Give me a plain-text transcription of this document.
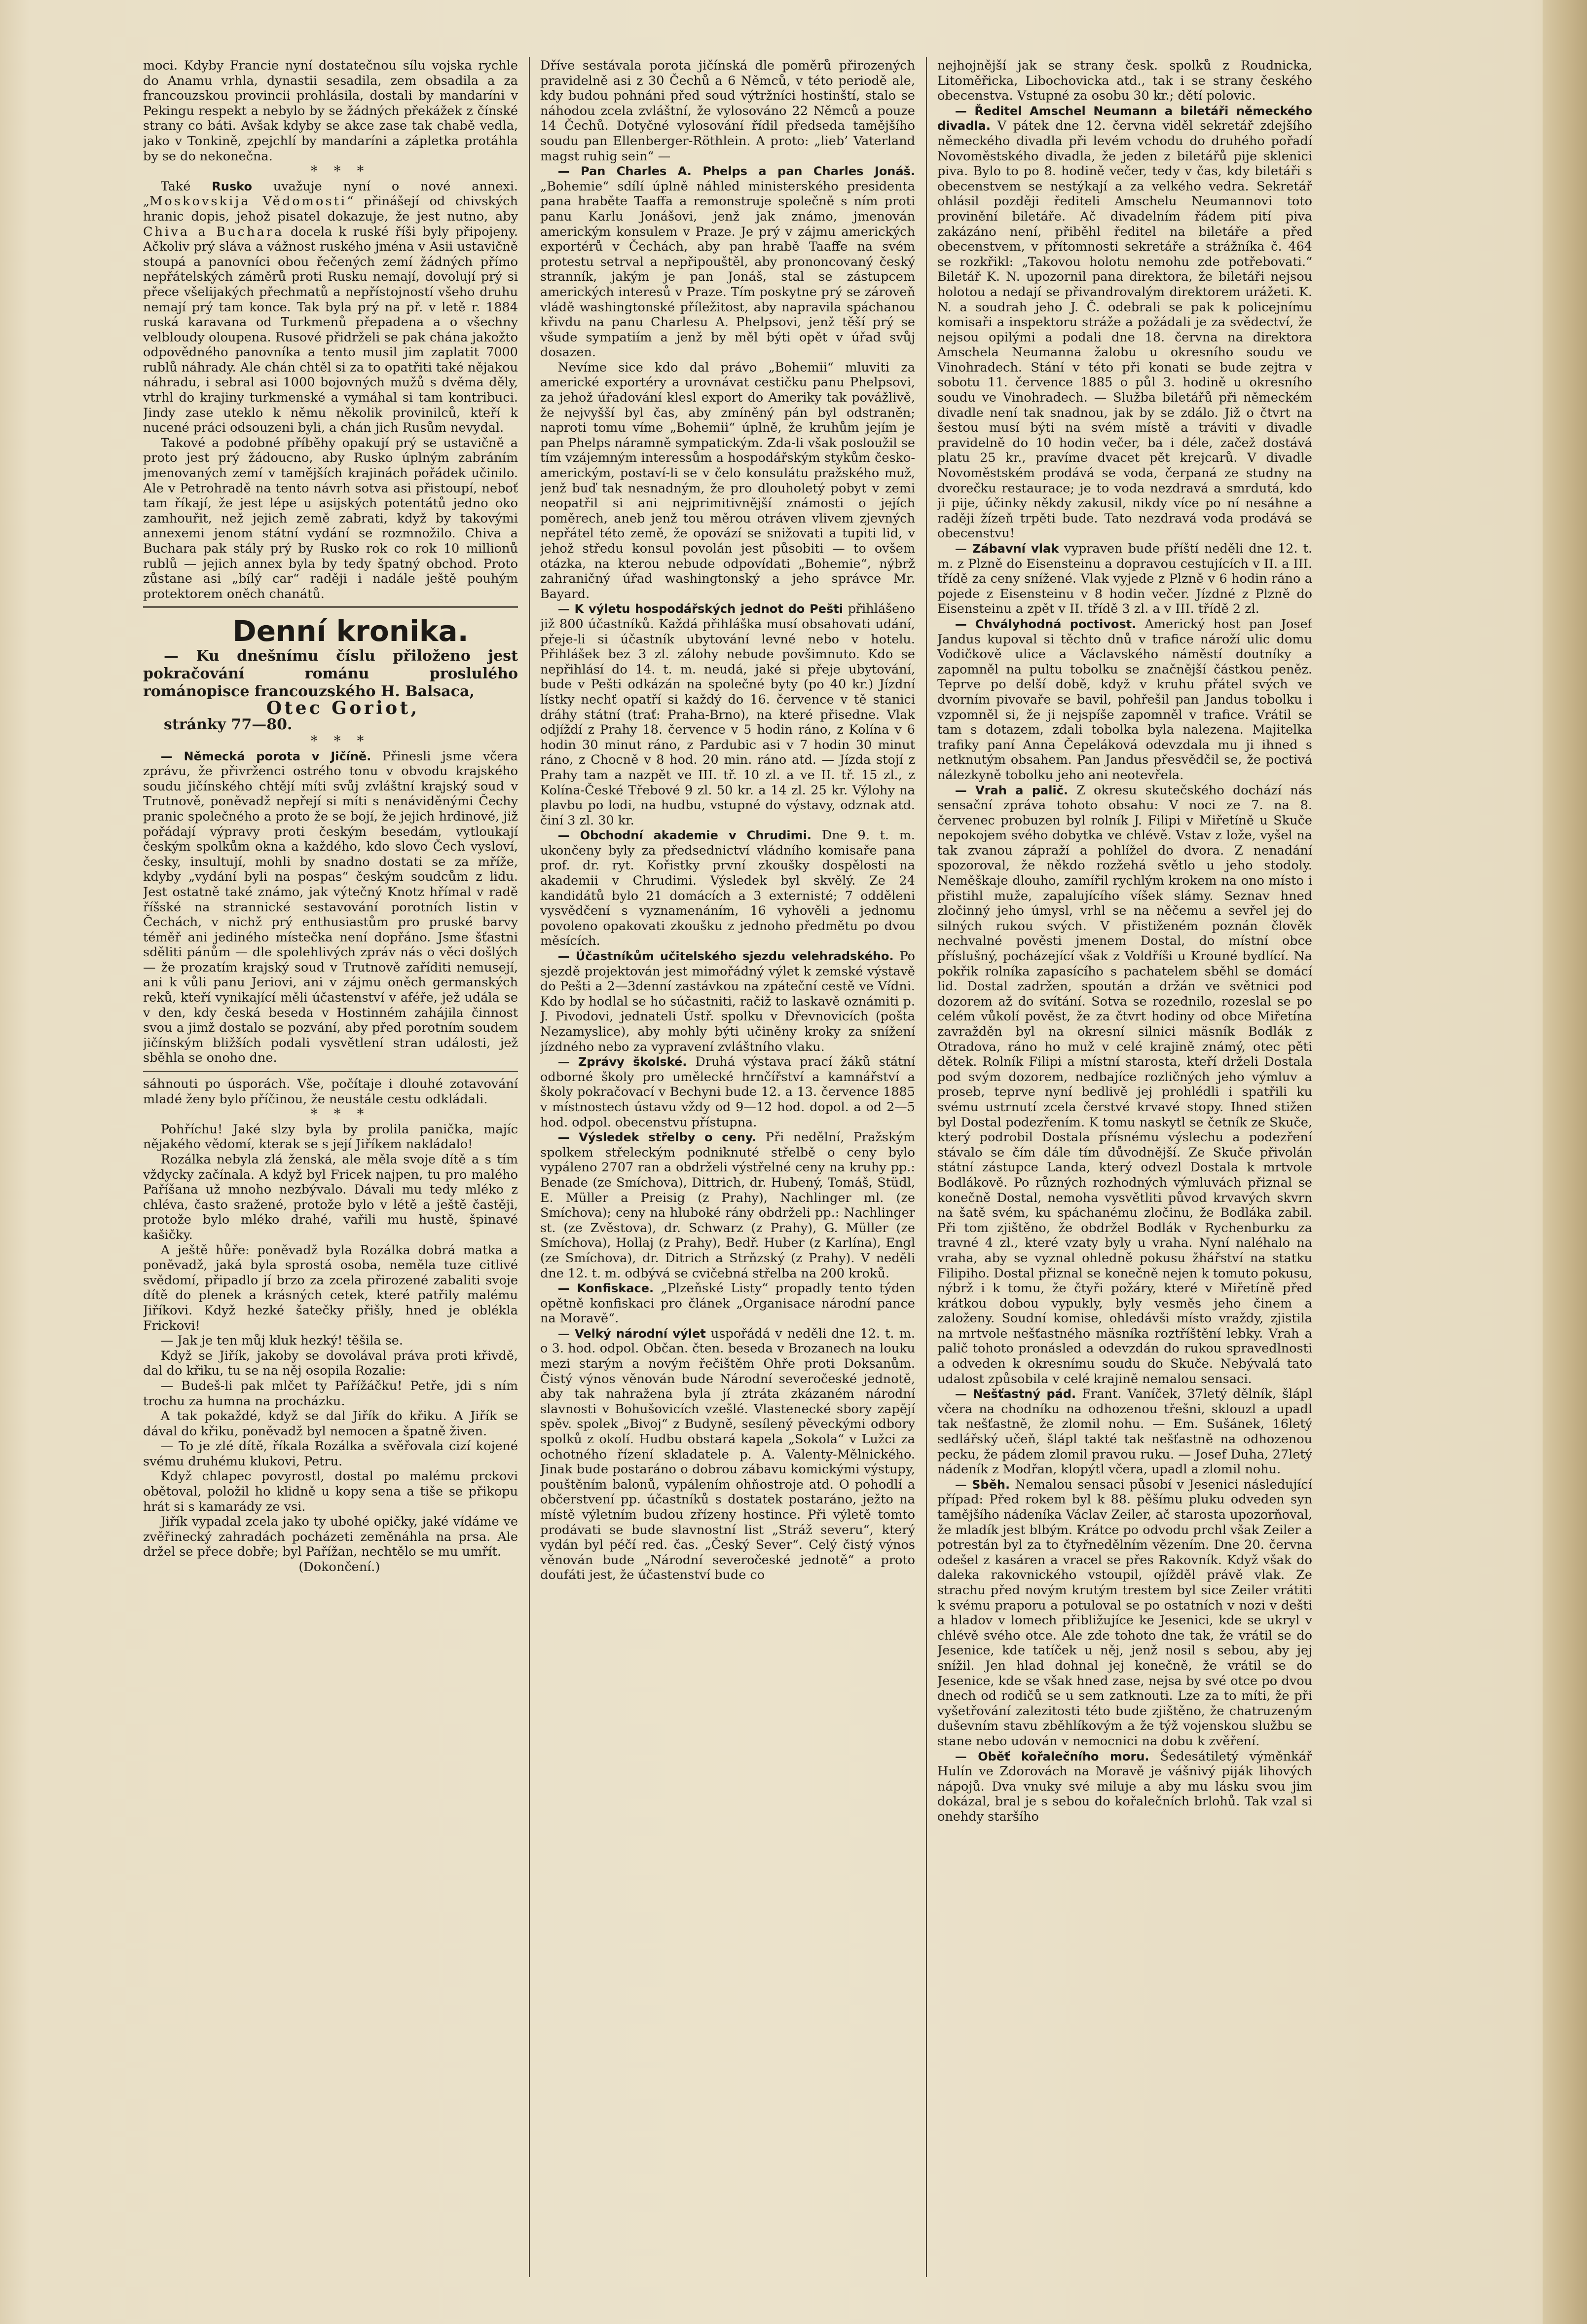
moci. Kdyby Francie nyní dostatečnou sílu vojska rychle do Anamu vrhla, dynastii sesadila, zem obsadila a za francouzskou provincii prohlásila, dostali by mandaríni v Pekingu respekt a nebylo by se žádných překážek z čínské strany co báti. Avšak kdyby se akce zase tak chabě vedla, jako v Tonkině, zpejchlí by mandaríni a zápletka protáhla by se do nekonečna.

* * *

Také Rusko uvažuje nyní o nové annexi. „Moskovskija Vědomosti“ přinášejí od chivských hranic dopis, jehož pisatel dokazuje, že jest nutno, aby Chiva a Buchara docela k ruské říši byly připojeny. Ačkoliv prý sláva a vážnost ruského jména v Asii ustavičně stoupá a panovníci obou řečených zemí žádných přímo nepřátelských záměrů proti Rusku nemají, dovolují prý si přece všelijakých přechmatů a nepřístojností všeho druhu nemají prý tam konce. Tak byla prý na př. v letě r. 1884 ruská karavana od Turkmenů přepadena a o všechny velbloudy oloupena. Rusové přidrželi se pak chána jakožto odpovědného panovníka a tento musil jim zaplatit 7000 rublů náhrady. Ale chán chtěl si za to opatřiti také nějakou náhradu, i sebral asi 1000 bojovných mužů s dvěma děly, vtrhl do krajiny turkmenské a vymáhal si tam kontribuci. Jindy zase uteklo k němu několik provinilců, kteří k nucené práci odsouzeni byli, a chán jich Rusům nevydal.

Takové a podobné příběhy opakují prý se ustavičně a proto jest prý žádoucno, aby Rusko úplným zabráním jmenovaných zemí v tamějších krajinách pořádek učinilo. Ale v Petrohradě na tento návrh sotva asi přistoupí, neboť tam říkají, že jest lépe u asijských potentátů jedno oko zamhouřit, než jejich země zabrati, když by takovými annexemi jenom státní vydání se rozmnožilo. Chiva a Buchara pak stály prý by Rusko rok co rok 10 millionů rublů — jejich annex byla by tedy špatný obchod. Proto zůstane asi „bílý car“ raději i nadále ještě pouhým protektorem oněch chanátů.

Denní kronika.

— Ku dnešnímu číslu přiloženo jest pokračování románu proslulého románopisce francouzského H. Balsaca,

Otec Goriot,

stránky 77—80.

* * *

— Německá porota v Jičíně. Přinesli jsme včera zprávu, že přivrženci ostrého tonu v obvodu krajského soudu jičínského chtějí míti svůj zvláštní krajský soud v Trutnově, poněvadž nepřejí si míti s nenáviděnými Čechy pranic společného a proto že se bojí, že jejich hrdinové, již pořádají výpravy proti českým besedám, vytloukají českým spolkům okna a každého, kdo slovo Čech vysloví, česky, insultují, mohli by snadno dostati se za mříže, kdyby „vydání byli na pospas“ českým soudcům z lidu. Jest ostatně také známo, jak výtečný Knotz hřímal v radě říšské na strannické sestavování porotních listin v Čechách, v nichž prý enthusiastům pro pruské barvy téměř ani jediného místečka není dopřáno. Jsme šťastni sděliti pánům — dle spolehlivých zpráv nás o věci došlých — že prozatím krajský soud v Trutnově zaříditi nemusejí, ani k vůli panu Jeriovi, ani v zájmu oněch germanských reků, kteří vynikající měli účastenství v aféře, jež udála se v den, kdy česká beseda v Hostinném zahájila činnost svou a jimž dostalo se pozvání, aby před porotním soudem jičínským bližších podali vysvětlení stran události, jež sběhla se onoho dne.

sáhnouti po úsporách. Vše, počítaje i dlouhé zotavování mladé ženy bylo příčinou, že neustále cestu odkládali.

* * *

Pohříchu! Jaké slzy byla by prolila panička, majíc nějakého vědomí, kterak se s její Jiříkem nakládalo!

Rozálka nebyla zlá ženská, ale měla svoje dítě a s tím vždycky začínala. A když byl Fricek najpen, tu pro malého Paříšana už mnoho nezbývalo. Dávali mu tedy mléko z chléva, často sražené, protože bylo v létě a ještě častěji, protože bylo mléko drahé, vařili mu hustě, špinavé kašičky.

A ještě hůře: poněvadž byla Rozálka dobrá matka a poněvadž, jaká byla sprostá osoba, neměla tuze citlivé svědomí, připadlo jí brzo za zcela přirozené zabaliti svoje dítě do plenek a krásných cetek, které patřily malému Jiříkovi. Když hezké šatečky přišly, hned je oblékla Frickovi!

— Jak je ten můj kluk hezký! těšila se.

Když se Jiřík, jakoby se dovolával práva proti křivdě, dal do křiku, tu se na něj osopila Rozalie:

— Budeš-li pak mlčet ty Pařížáčku! Petře, jdi s ním trochu za humna na procházku.

A tak pokaždé, když se dal Jiřík do křiku. A Jiřík se dával do křiku, poněvadž byl nemocen a špatně živen.

— To je zlé dítě, říkala Rozálka a svěřovala cizí kojené svému druhému klukovi, Petru.

Když chlapec povyrostl, dostal po malému prckovi obětoval, položil ho klidně u kopy sena a tiše se přikopu hrát si s kamarády ze vsi.

Jiřík vypadal zcela jako ty ubohé opičky, jaké vídáme ve zvěřinecký zahradách pocházeti zeměnáhla na prsa. Ale držel se přece dobře; byl Pařížan, nechtělo se mu umřít.

(Dokončení.)

Dříve sestávala porota jičínská dle poměrů přirozených pravidelně asi z 30 Čechů a 6 Němců, v této periodě ale, kdy budou pohnáni před soud výtržníci hostinští, stalo se náhodou zcela zvláštní, že vylosováno 22 Němců a pouze 14 Čechů. Dotyčné vylosování řídil předseda tamějšího soudu pan Ellenberger-Röthlein. A proto: „lieb’ Vaterland magst ruhig sein“ —

— Pan Charles A. Phelps a pan Charles Jonáš. „Bohemie“ sdílí úplně náhled ministerského presidenta pana hraběte Taaffa a remonstruje společně s ním proti panu Karlu Jonášovi, jenž jak známo, jmenován americkým konsulem v Praze. Je prý v zájmu amerických exportérů v Čechách, aby pan hrabě Taaffe na svém protestu setrval a nepřipouštěl, aby prononcovaný český stranník, jakým je pan Jonáš, stal se zástupcem amerických interesů v Praze. Tím poskytne prý se zároveň vládě washingtonské příležitost, aby napravila spáchanou křivdu na panu Charlesu A. Phelpsovi, jenž těší prý se všude sympatiím a jenž by měl býti opět v úřad svůj dosazen.

Nevíme sice kdo dal právo „Bohemii“ mluviti za americké exportéry a urovnávat cestičku panu Phelpsovi, za jehož úřadování klesl export do Ameriky tak povážlivě, že nejvyšší byl čas, aby zmíněný pán byl odstraněn; naproti tomu víme „Bohemii“ úplně, že kruhům jejím je pan Phelps náramně sympatickým. Zda-li však posloužil se tím vzájemným interessům a hospodářským stykům česko-americkým, postaví-li se v čelo konsulátu pražského muž, jenž buď tak nesnadným, že pro dlouholetý pobyt v zemi neopatřil si ani nejprimitivnější známosti o jejích poměrech, aneb jenž tou měrou otráven vlivem zjevných nepřátel této země, že opovází se snižovati a tupiti lid, v jehož středu konsul povolán jest působiti — to ovšem otázka, na kterou nebude odpovídati „Bohemie“, nýbrž zahraničný úřad washingtonský a jeho správce Mr. Bayard.

— K výletu hospodářských jednot do Pešti přihlášeno již 800 účastníků. Každá přihláška musí obsahovati udání, přeje-li si účastník ubytování levné nebo v hotelu. Přihlášek bez 3 zl. zálohy nebude povšimnuto. Kdo se nepřihlásí do 14. t. m. neudá, jaké si přeje ubytování, bude v Pešti odkázán na společné byty (po 40 kr.) Jízdní lístky nechť opatří si každý do 16. července v tě stanici dráhy státní (trať: Praha-Brno), na které přisedne. Vlak odjíždí z Prahy 18. července v 5 hodin ráno, z Kolína v 6 hodin 30 minut ráno, z Pardubic asi v 7 hodin 30 minut ráno, z Chocně v 8 hod. 20 min. ráno atd. — Jízda stojí z Prahy tam a nazpět ve III. tř. 10 zl. a ve II. tř. 15 zl., z Kolína-České Třebové 9 zl. 50 kr. a 14 zl. 25 kr. Výlohy na plavbu po lodi, na hudbu, vstupné do výstavy, odznak atd. činí 3 zl. 30 kr.

— Obchodní akademie v Chrudimi. Dne 9. t. m. ukončeny byly za předsednictví vládního komisaře pana prof. dr. ryt. Kořistky první zkoušky dospělosti na akademii v Chrudimi. Výsledek byl skvělý. Ze 24 kandidátů bylo 21 domácích a 3 externisté; 7 odděleni vysvědčení s vyznamenáním, 16 vyhověli a jednomu povoleno opakovati zkoušku z jednoho předmětu po dvou měsících.

— Účastníkům učitelského sjezdu velehradského. Po sjezdě projektován jest mimořádný výlet k zemské výstavě do Pešti a 2—3denní zastávkou na zpáteční cestě ve Vídni. Kdo by hodlal se ho súčastniti, račiž to laskavě oznámiti p. J. Pivodovi, jednateli Ústř. spolku v Dřevnovicích (pošta Nezamyslice), aby mohly býti učiněny kroky za snížení jízdného nebo za vypravení zvláštního vlaku.

— Zprávy školské. Druhá výstava prací žáků státní odborné školy pro umělecké hrnčířství a kamnářství a školy pokračovací v Bechyni bude 12. a 13. července 1885 v místnostech ústavu vždy od 9—12 hod. dopol. a od 2—5 hod. odpol. obecenstvu přístupna.

— Výsledek střelby o ceny. Při nedělní, Pražským spolkem střeleckým podniknuté střelbě o ceny bylo vypáleno 2707 ran a obdrželi výstřelné ceny na kruhy pp.: Benade (ze Smíchova), Dittrich, dr. Hubený, Tomáš, Stüdl, E. Müller a Preisig (z Prahy), Nachlinger ml. (ze Smíchova); ceny na hluboké rány obdrželi pp.: Nachlinger st. (ze Zvěstova), dr. Schwarz (z Prahy), G. Müller (ze Smíchova), Hollaj (z Prahy), Bedř. Huber (z Karlína), Engl (ze Smíchova), dr. Ditrich a Strňzský (z Prahy). V neděli dne 12. t. m. odbývá se cvičebná střelba na 200 kroků.

— Konfiskace. „Plzeňské Listy“ propadly tento týden opětně konfiskaci pro článek „Organisace národní pance na Moravě“.

— Velký národní výlet uspořádá v neděli dne 12. t. m. o 3. hod. odpol. Občan. čten. beseda v Brozanech na louku mezi starým a novým řečištěm Ohře proti Doksanům. Čistý výnos věnován bude Národní severočeské jednotě, aby tak nahražena byla jí ztráta zkázaném národní slavnosti v Bohušovicích vzešlé. Vlastenecké sbory zapějí spěv. spolek „Bivoj“ z Budyně, sesílený pěveckými odbory spolků z okolí. Hudbu obstará kapela „Sokola“ v Lužci za ochotného řízení skladatele p. A. Valenty-Mělnického. Jinak bude postaráno o dobrou zábavu komickými výstupy, pouštěním balonů, vypálením ohňostroje atd. O pohodlí a občerstvení pp. účastníků s dostatek postaráno, ježto na místě výletním budou zřízeny hostince. Při výletě tomto prodávati se bude slavnostní list „Stráž severu“, který vydán byl péčí red. čas. „Český Sever“. Celý čistý výnos věnován bude „Národní severočeské jednotě“ a proto doufáti jest, že účastenství bude co

nejhojnější jak se strany česk. spolků z Roudnicka, Litoměřicka, Libochovicka atd., tak i se strany českého obecenstva. Vstupné za osobu 30 kr.; dětí polovic.

— Ředitel Amschel Neumann a biletáři německého divadla. V pátek dne 12. června viděl sekretář zdejšího německého divadla při levém vchodu do druhého pořadí Novoměstského divadla, že jeden z biletářů pije sklenici piva. Bylo to po 8. hodině večer, tedy v čas, kdy biletáři s obecenstvem se nestýkají a za velkého vedra. Sekretář ohlásil později řediteli Amschelu Neumannovi toto provinění biletáře. Ač divadelním řádem pití piva zakázáno není, přiběhl ředitel na biletáře a před obecenstvem, v přítomnosti sekretáře a strážníka č. 464 se rozkřikl: „Takovou holotu nemohu zde potřebovati.“ Biletář K. N. upozornil pana direktora, že biletáři nejsou holotou a nedají se přivandrovalým direktorem urážeti. K. N. a soudrah jeho J. Č. odebrali se pak k policejnímu komisaři a inspektoru stráže a požádali je za svědectví, že nejsou opilými a podali dne 18. června na direktora Amschela Neumanna žalobu u okresního soudu ve Vinohradech. Stání v této při konati se bude zejtra v sobotu 11. července 1885 o půl 3. hodině u okresního soudu ve Vinohradech. — Služba biletářů při německém divadle není tak snadnou, jak by se zdálo. Již o čtvrt na šestou musí býti na svém místě a tráviti v divadle pravidelně do 10 hodin večer, ba i déle, začež dostává platu 25 kr., pravíme dvacet pět krejcarů. V divadle Novoměstském prodává se voda, čerpaná ze studny na dvorečku restaurace; je to voda nezdravá a smrdutá, kdo ji pije, účinky někdy zakusil, nikdy více po ní nesáhne a raději žízeň trpěti bude. Tato nezdravá voda prodává se obecenstvu!

— Zábavní vlak vypraven bude příští neděli dne 12. t. m. z Plzně do Eisensteinu a dopravou cestujících v II. a III. třídě za ceny snížené. Vlak vyjede z Plzně v 6 hodin ráno a pojede z Eisensteinu v 8 hodin večer. Jízdné z Plzně do Eisensteinu a zpět v II. třídě 3 zl. a v III. třídě 2 zl.

— Chvályhodná poctivost. Americký host pan Josef Jandus kupoval si těchto dnů v trafice nároží ulic domu Vodičkově ulice a Václavského náměstí doutníky a zapomněl na pultu tobolku se značnější částkou peněz. Teprve po delší době, když v kruhu přátel svých ve dvorním pivovaře se bavil, pohřešil pan Jandus tobolku i vzpomněl si, že ji nejspíše zapomněl v trafice. Vrátil se tam s dotazem, zdali tobolka byla nalezena. Majitelka trafiky paní Anna Čepeláková odevzdala mu ji ihned s netknutým obsahem. Pan Jandus přesvědčil se, že poctivá nálezkyně tobolku jeho ani neotevřela.

— Vrah a palič. Z okresu skutečského dochází nás sensační zpráva tohoto obsahu: V noci ze 7. na 8. červenec probuzen byl rolník J. Filipi v Miřetíně u Skuče nepokojem svého dobytka ve chlévě. Vstav z lože, vyšel na tak zvanou zápraží a pohlížel do dvora. Z nenadání spozoroval, že někdo rozžehá světlo u jeho stodoly. Neměškaje dlouho, zamířil rychlým krokem na ono místo i přistihl muže, zapalujícího víšek slámy. Seznav hned zločinný jeho úmysl, vrhl se na něčemu a sevřel jej do silných rukou svých. V přistiženém poznán člověk nechvalné pověsti jmenem Dostal, do místní obce příslušný, pocházející však z Voldříši u Krouné bydlící. Na pokřik rolníka zapasícího s pachatelem sběhl se domácí lid. Dostal zadržen, spoután a držán ve světnici pod dozorem až do svítání. Sotva se rozednilo, rozeslal se po celém vůkolí pověst, že za čtvrt hodiny od obce Miřetína zavražděn byl na okresní silnici mäsník Bodlák z Otradova, ráno ho muž v celé krajině známý, otec pěti dětek. Rolník Filipi a místní starosta, kteří drželi Dostala pod svým dozorem, nedbajíce rozličných jeho výmluv a proseb, teprve nyní bedlivě jej prohlédli i spatřili ku svému ustrnutí zcela čerstvé krvavé stopy. Ihned stižen byl Dostal podezřením. K tomu naskytl se četník ze Skuče, který podrobil Dostala přísnému výslechu a podezření stávalo se čím dále tím důvodnější. Ze Skuče přivolán státní zástupce Landa, který odvezl Dostala k mrtvole Bodlákově. Po různých rozhodných výmluvách přiznal se konečně Dostal, nemoha vysvětliti původ krvavých skvrn na šatě svém, ku spáchanému zločinu, že Bodláka zabil. Při tom zjištěno, že obdržel Bodlák v Rychenburku za travné 4 zl., které vzaty byly u vraha. Nyní naléhalo na vraha, aby se vyznal ohledně pokusu žhářství na statku Filipiho. Dostal přiznal se konečně nejen k tomuto pokusu, nýbrž i k tomu, že čtyři požáry, které v Miřetíně před krátkou dobou vypukly, byly vesměs jeho činem a založeny. Soudní komise, ohledávši místo vraždy, zjistila na mrtvole nešťastného mäsníka roztříštění lebky. Vrah a palič tohoto pronásled a odevzdán do rukou spravedlnosti a odveden k okresnímu soudu do Skuče. Nebývalá tato udalost způsobila v celé krajině nemalou sensaci.

— Nešťastný pád. Frant. Vaníček, 37letý dělník, šlápl včera na chodníku na odhozenou třešni, sklouzl a upadl tak nešťastně, že zlomil nohu. — Em. Sušánek, 16letý sedlářský učeň, šlápl takté tak nešťastně na odhozenou pecku, že pádem zlomil pravou ruku. — Josef Duha, 27letý nádeník z Modřan, klopýtl včera, upadl a zlomil nohu.

— Sběh. Nemalou sensaci působí v Jesenici následující případ: Před rokem byl k 88. pěšímu pluku odveden syn tamějšího nádeníka Václav Zeiler, ač starosta upozorňoval, že mladík jest blbým. Krátce po odvodu prchl však Zeiler a potrestán byl za to čtyřnedělním vězením. Dne 20. června odešel z kasáren a vracel se přes Rakovník. Když však do daleka rakovnického vstoupil, ojížděl právě vlak. Ze strachu před novým krutým trestem byl sice Zeiler vrátiti k svému praporu a potuloval se po ostatních v nozi v dešti a hladov v lomech přibližujíce ke Jesenici, kde se ukryl v chlévě svého otce. Ale zde tohoto dne tak, že vrátil se do Jesenice, kde tatíček u něj, jenž nosil s sebou, aby jej snížil. Jen hlad dohnal jej konečně, že vrátil se do Jesenice, kde se však hned zase, nejsa by své otce po dvou dnech od rodičů se u sem zatknouti. Lze za to míti, že při vyšetřování zalezitosti této bude zjištěno, že chatruzeným duševním stavu zběhlíkovým a že týž vojenskou službu se stane nebo udován v nemocnici na dobu k zvěření.

— Oběť kořalečního moru. Šedesátiletý výměnkář Hulín ve Zdorovách na Moravě je vášnivý piják lihových nápojů. Dva vnuky své miluje a aby mu lásku svou jim dokázal, bral je s sebou do kořalečních brlohů. Tak vzal si onehdy staršího
